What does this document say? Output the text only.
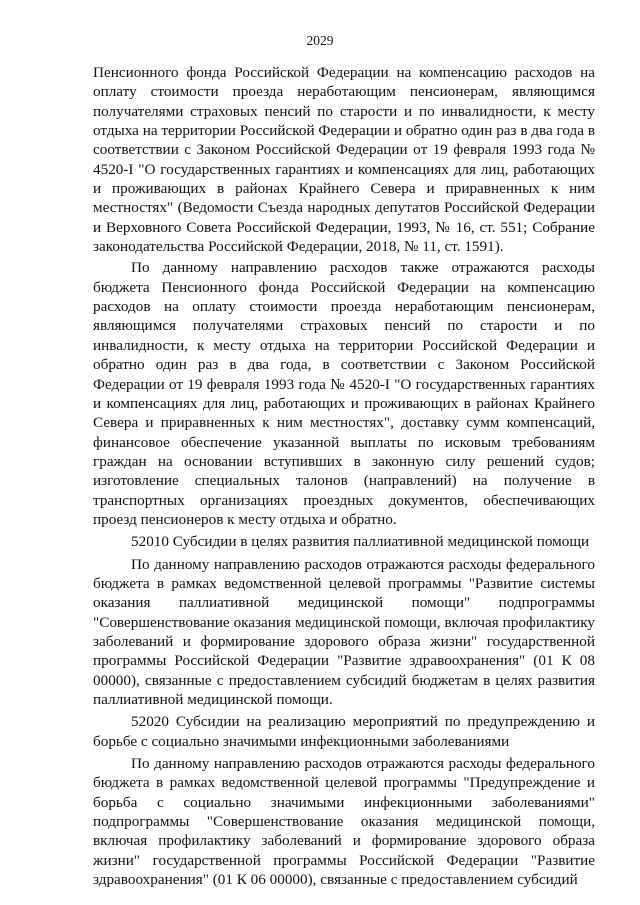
2029

Пенсионного фонда Российской Федерации на компенсацию расходов на оплату стоимости проезда неработающим пенсионерам, являющимся получателями страховых пенсий по старости и по инвалидности, к месту отдыха на территории Российской Федерации и обратно один раз в два года в соответствии с Законом Российской Федерации от 19 февраля 1993 года № 4520-I "О государственных гарантиях и компенсациях для лиц, работающих и проживающих в районах Крайнего Севера и приравненных к ним местностях" (Ведомости Съезда народных депутатов Российской Федерации и Верховного Совета Российской Федерации, 1993, № 16, ст. 551; Собрание законодательства Российской Федерации, 2018, № 11, ст. 1591).

По данному направлению расходов также отражаются расходы бюджета Пенсионного фонда Российской Федерации на компенсацию расходов на оплату стоимости проезда неработающим пенсионерам, являющимся получателями страховых пенсий по старости и по инвалидности, к месту отдыха на территории Российской Федерации и обратно один раз в два года, в соответствии с Законом Российской Федерации от 19 февраля 1993 года № 4520-I "О государственных гарантиях и компенсациях для лиц, работающих и проживающих в районах Крайнего Севера и приравненных к ним местностях", доставку сумм компенсаций, финансовое обеспечение указанной выплаты по исковым требованиям граждан на основании вступивших в законную силу решений судов; изготовление специальных талонов (направлений) на получение в транспортных организациях проездных документов, обеспечивающих проезд пенсионеров к месту отдыха и обратно.

52010 Субсидии в целях развития паллиативной медицинской помощи

По данному направлению расходов отражаются расходы федерального бюджета в рамках ведомственной целевой программы "Развитие системы оказания паллиативной медицинской помощи" подпрограммы "Совершенствование оказания медицинской помощи, включая профилактику заболеваний и формирование здорового образа жизни" государственной программы Российской Федерации "Развитие здравоохранения" (01 К 08 00000), связанные с предоставлением субсидий бюджетам в целях развития паллиативной медицинской помощи.

52020 Субсидии на реализацию мероприятий по предупреждению и борьбе с социально значимыми инфекционными заболеваниями

По данному направлению расходов отражаются расходы федерального бюджета в рамках ведомственной целевой программы "Предупреждение и борьба с социально значимыми инфекционными заболеваниями" подпрограммы "Совершенствование оказания медицинской помощи, включая профилактику заболеваний и формирование здорового образа жизни" государственной программы Российской Федерации "Развитие здравоохранения" (01 К 06 00000), связанные с предоставлением субсидий
